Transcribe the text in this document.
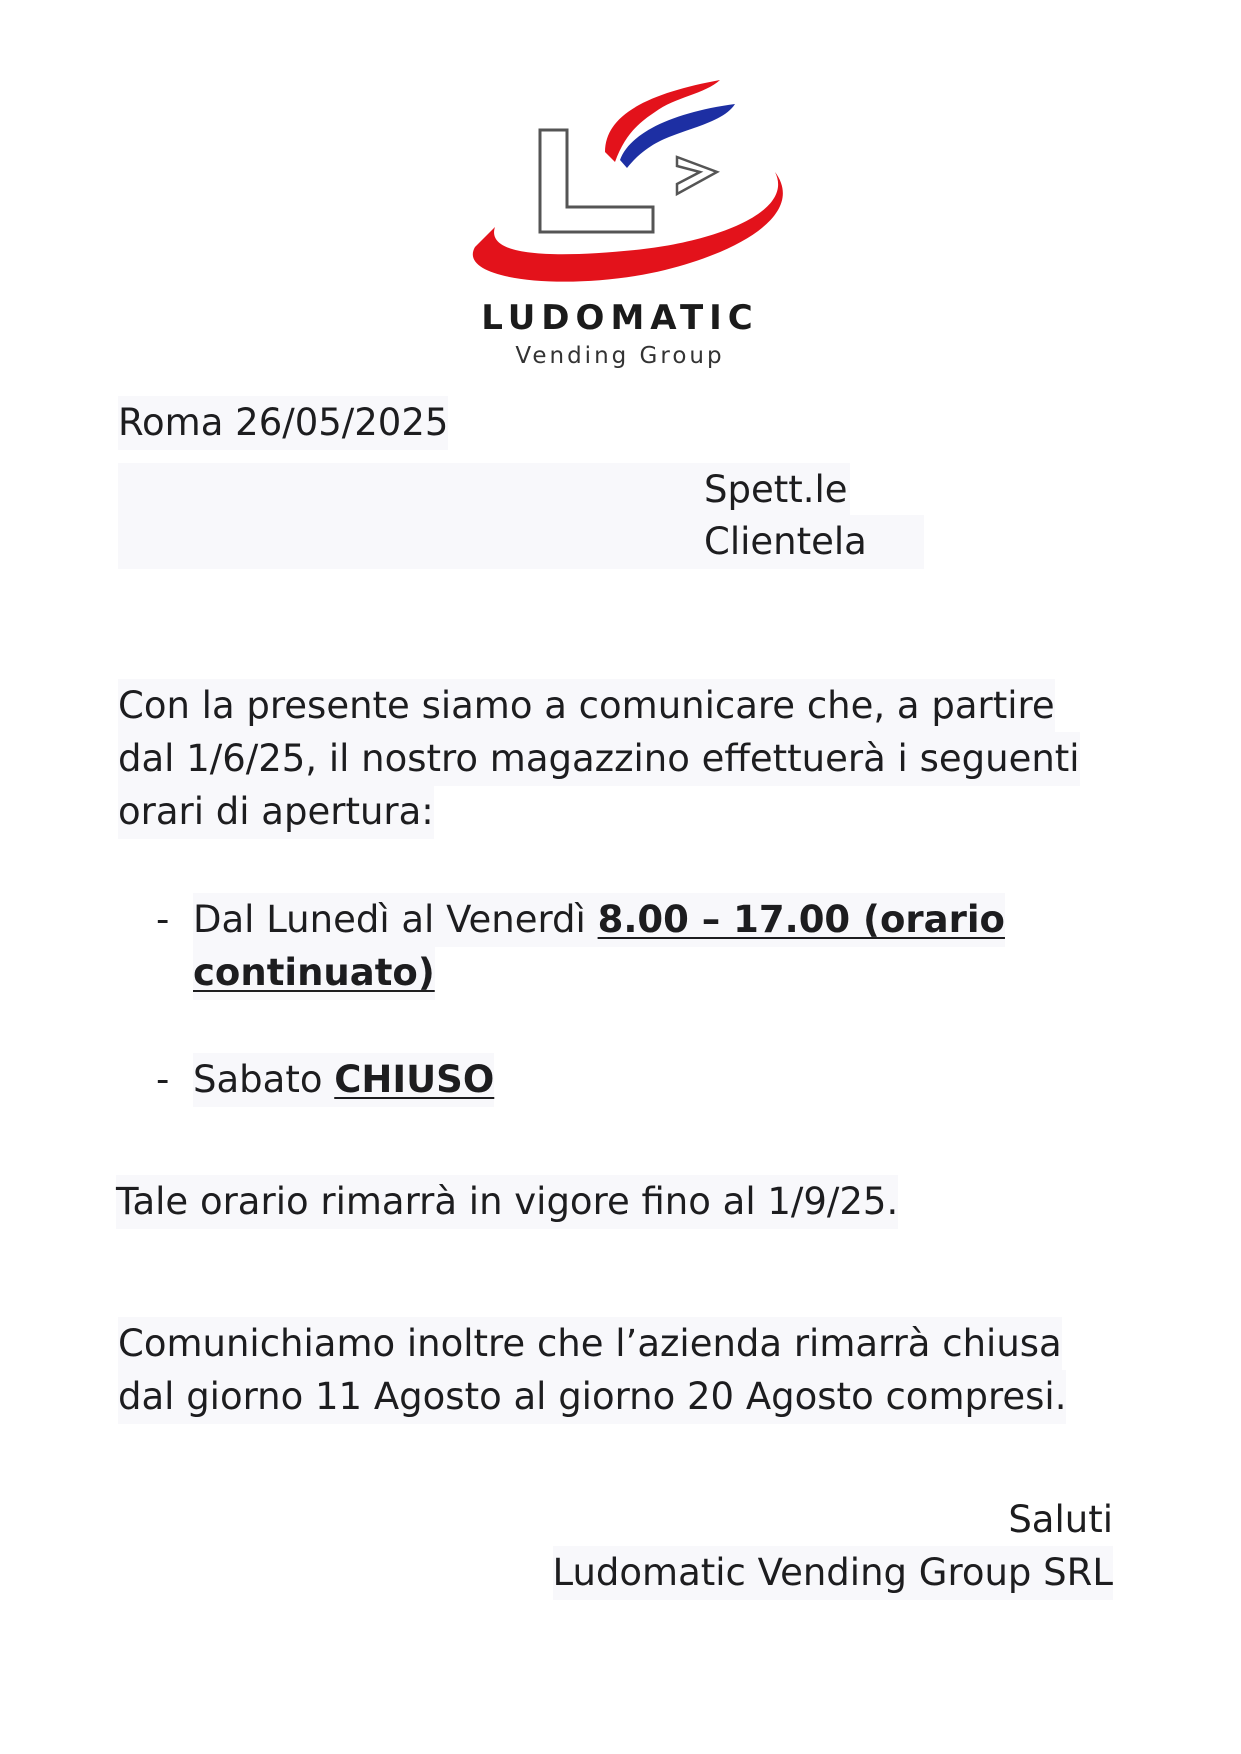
LUDOMATIC
Vending Group
Roma 26/05/2025
Spett.le

Clientela

Con la presente siamo a comunicare che, a partire
dal 1/6/25, il nostro magazzino effettuerà i seguenti
orari di apertura:
- Dal Lunedì al Venerdì 8.00 – 17.00 (orario
continuato)
- Sabato CHIUSO
Tale orario rimarrà in vigore fino al 1/9/25.
Comunichiamo inoltre che l’azienda rimarrà chiusa
dal giorno 11 Agosto al giorno 20 Agosto compresi.
Saluti
Ludomatic Vending Group SRL
